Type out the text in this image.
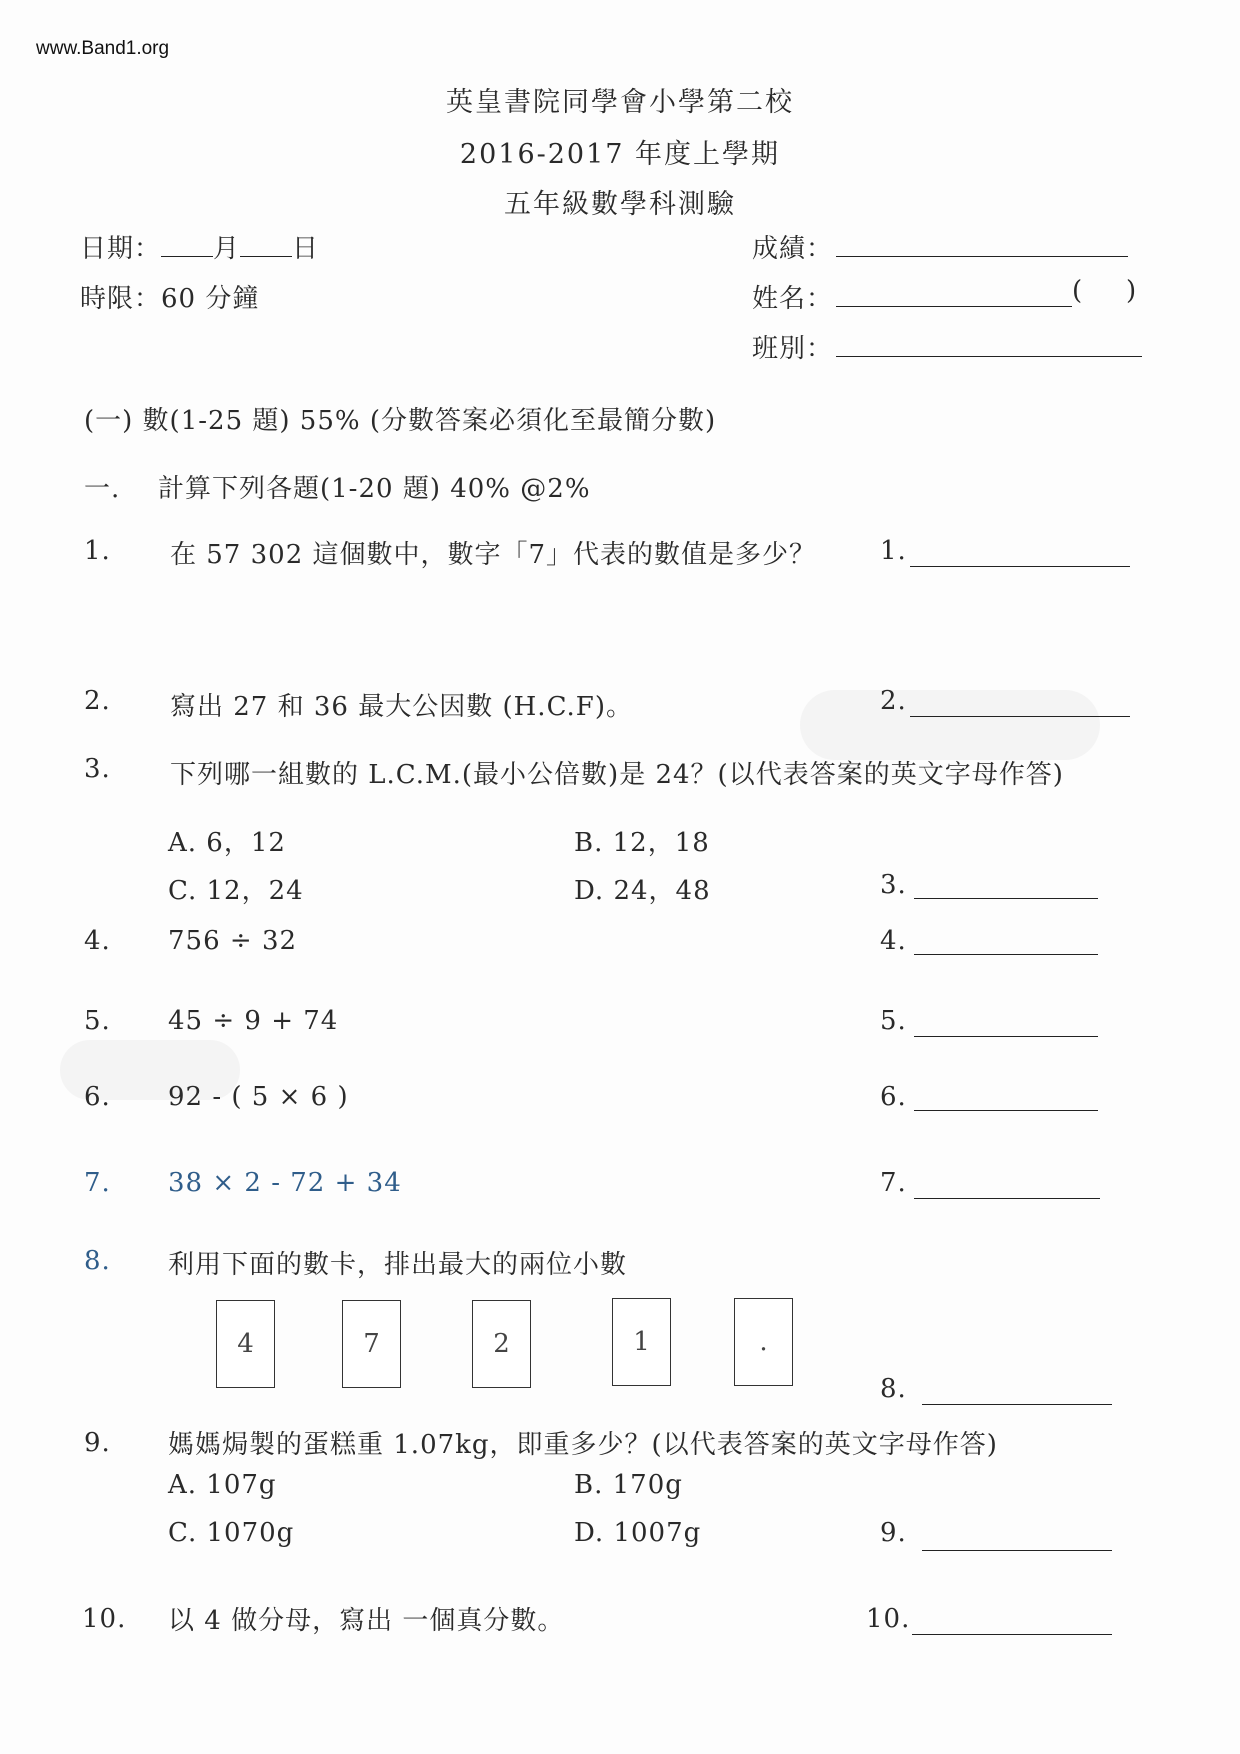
www.Band1.org
英皇書院同學會小學第二校
2016-2017 年度上學期
五年級數學科測驗
日期： 月 日
時限：60 分鐘
成績：
姓名：	( )
班別：
(一) 數(1-25 題) 55% (分數答案必須化至最簡分數)
一. 計算下列各題(1-20 題) 40% @2%
1. 在 57 302 這個數中，數字「7」代表的數值是多少？ 1.
2. 寫出 27 和 36 最大公因數 (H.C.F)。	2.
3. 下列哪一組數的 L.C.M.(最小公倍數)是 24？(以代表答案的英文字母作答)
A. 6，12	B. 12，18
C. 12，24	D. 24，48	3.
4. 756 ÷ 32	4.
5. 45 ÷ 9 + 74	5.
6. 92 - ( 5 × 6 )	6.
7. 38 × 2 - 72 + 34	7.
8. 利用下面的數卡，排出最大的兩位小數
4	7	2	1	.
8.
9. 媽媽焗製的蛋糕重 1.07kg，即重多少？(以代表答案的英文字母作答)
A. 107g	B. 170g
C. 1070g	D. 1007g	9.
10. 以 4 做分母，寫出 一個真分數。	10.
